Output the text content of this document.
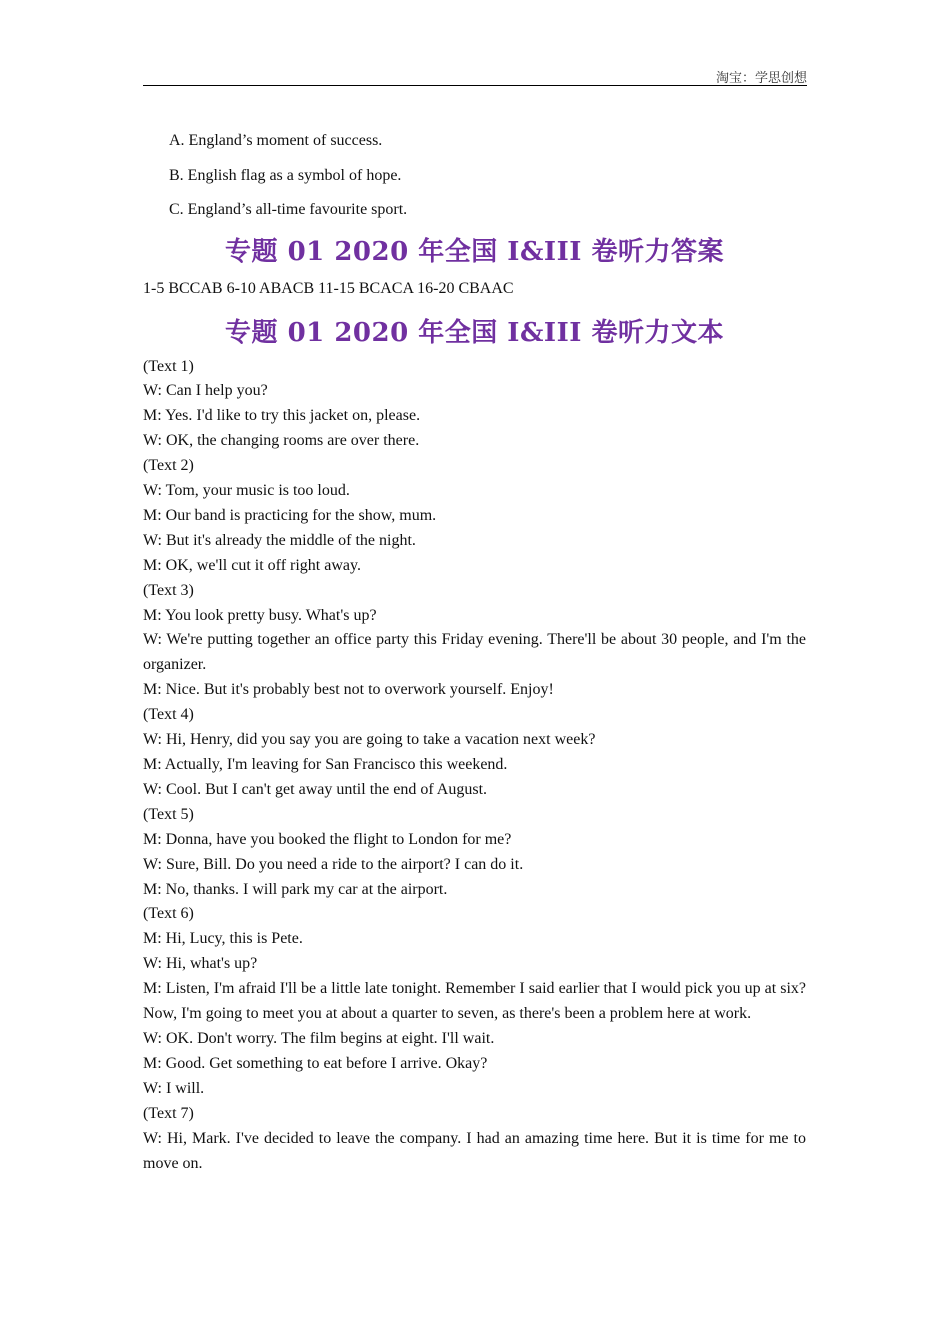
淘宝：学思创想
A. England’s moment of success.
B. English flag as a symbol of hope.
C. England’s all-time favourite sport.
专题 01 2020 年全国 I&III 卷听力答案
1-5 BCCAB 6-10 ABACB 11-15 BCACA 16-20 CBAAC
专题 01 2020 年全国 I&III 卷听力文本
(Text 1)
W: Can I help you?
M: Yes. I'd like to try this jacket on, please.
W: OK, the changing rooms are over there.
(Text 2)
W: Tom, your music is too loud.
M: Our band is practicing for the show, mum.
W: But it's already the middle of the night.
M: OK, we'll cut it off right away.
(Text 3)
M: You look pretty busy. What's up?
W: We're putting together an office party this Friday evening. There'll be about 30 people, and I'm the organizer.
M: Nice. But it's probably best not to overwork yourself. Enjoy!
(Text 4)
W: Hi, Henry, did you say you are going to take a vacation next week?
M: Actually, I'm leaving for San Francisco this weekend.
W: Cool. But I can't get away until the end of August.
(Text 5)
M: Donna, have you booked the flight to London for me?
W: Sure, Bill. Do you need a ride to the airport? I can do it.
M: No, thanks. I will park my car at the airport.
(Text 6)
M: Hi, Lucy, this is Pete.
W: Hi, what's up?
M: Listen, I'm afraid I'll be a little late tonight. Remember I said earlier that I would pick you up at six? Now, I'm going to meet you at about a quarter to seven, as there's been a problem here at work.
W: OK. Don't worry. The film begins at eight. I'll wait.
M: Good. Get something to eat before I arrive. Okay?
W: I will.
(Text 7)
W: Hi, Mark. I've decided to leave the company. I had an amazing time here. But it is time for me to move on.
